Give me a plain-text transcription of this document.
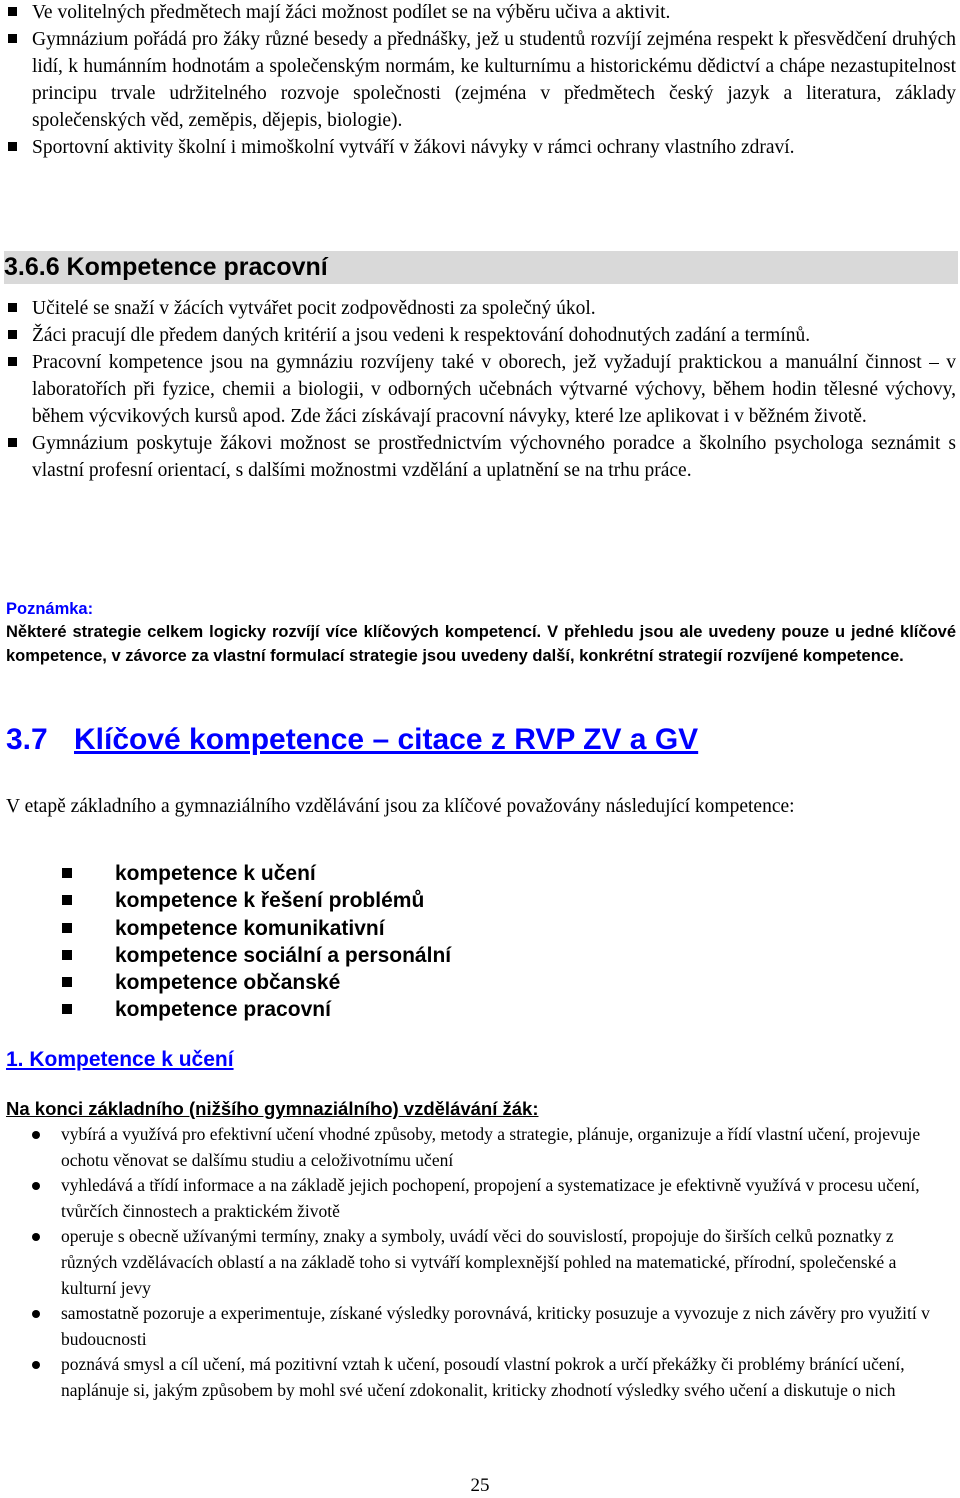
Ve volitelných předmětech mají žáci možnost podílet se na výběru učiva a aktivit.
Gymnázium pořádá pro žáky různé besedy a přednášky, jež u studentů rozvíjí zejména respekt k přesvědčení druhých lidí, k humánním hodnotám a společenským normám, ke kulturnímu a historickému dědictví a chápe nezastupitelnost principu trvale udržitelného rozvoje společnosti (zejména v předmětech český jazyk a literatura, základy společenských věd, zeměpis, dějepis, biologie).
Sportovní aktivity školní i mimoškolní vytváří v žákovi návyky v rámci ochrany vlastního zdraví.
3.6.6 Kompetence pracovní
Učitelé se snaží v žácích vytvářet pocit zodpovědnosti za společný úkol.
Žáci pracují dle předem daných kritérií a jsou vedeni k respektování dohodnutých zadání a termínů.
Pracovní kompetence jsou na gymnáziu rozvíjeny také v oborech, jež vyžadují praktickou a manuální činnost – v laboratořích při fyzice, chemii a biologii, v odborných učebnách výtvarné výchovy, během hodin tělesné výchovy, během výcvikových kursů apod. Zde žáci získávají pracovní návyky, které lze aplikovat i v běžném životě.
Gymnázium poskytuje žákovi možnost se prostřednictvím výchovného poradce a školního psychologa seznámit s vlastní profesní orientací, s dalšími možnostmi vzdělání a uplatnění se na trhu práce.
Poznámka:
Některé strategie celkem logicky rozvíjí více klíčových kompetencí. V přehledu jsou ale uvedeny pouze u jedné klíčové kompetence, v závorce za vlastní formulací strategie jsou uvedeny další, konkrétní strategií rozvíjené kompetence.
3.7 Klíčové kompetence – citace z RVP ZV a GV
V etapě základního a gymnaziálního vzdělávání jsou za klíčové považovány následující kompetence:
kompetence k učení
kompetence k řešení problémů
kompetence komunikativní
kompetence sociální a personální
kompetence občanské
kompetence pracovní
1. Kompetence k učení
Na konci základního (nižšího gymnaziálního) vzdělávání žák:
vybírá a využívá pro efektivní učení vhodné způsoby, metody a strategie, plánuje, organizuje a řídí vlastní učení, projevuje ochotu věnovat se dalšímu studiu a celoživotnímu učení
vyhledává a třídí informace a na základě jejich pochopení, propojení a systematizace je efektivně využívá v procesu učení, tvůrčích činnostech a praktickém životě
operuje s obecně užívanými termíny, znaky a symboly, uvádí věci do souvislostí, propojuje do širších celků poznatky z různých vzdělávacích oblastí a na základě toho si vytváří komplexnější pohled na matematické, přírodní, společenské a kulturní jevy
samostatně pozoruje a experimentuje, získané výsledky porovnává, kriticky posuzuje a vyvozuje z nich závěry pro využití v budoucnosti
poznává smysl a cíl učení, má pozitivní vztah k učení, posoudí vlastní pokrok a určí překážky či problémy bránící učení, naplánuje si, jakým způsobem by mohl své učení zdokonalit, kriticky zhodnotí výsledky svého učení a diskutuje o nich
25
